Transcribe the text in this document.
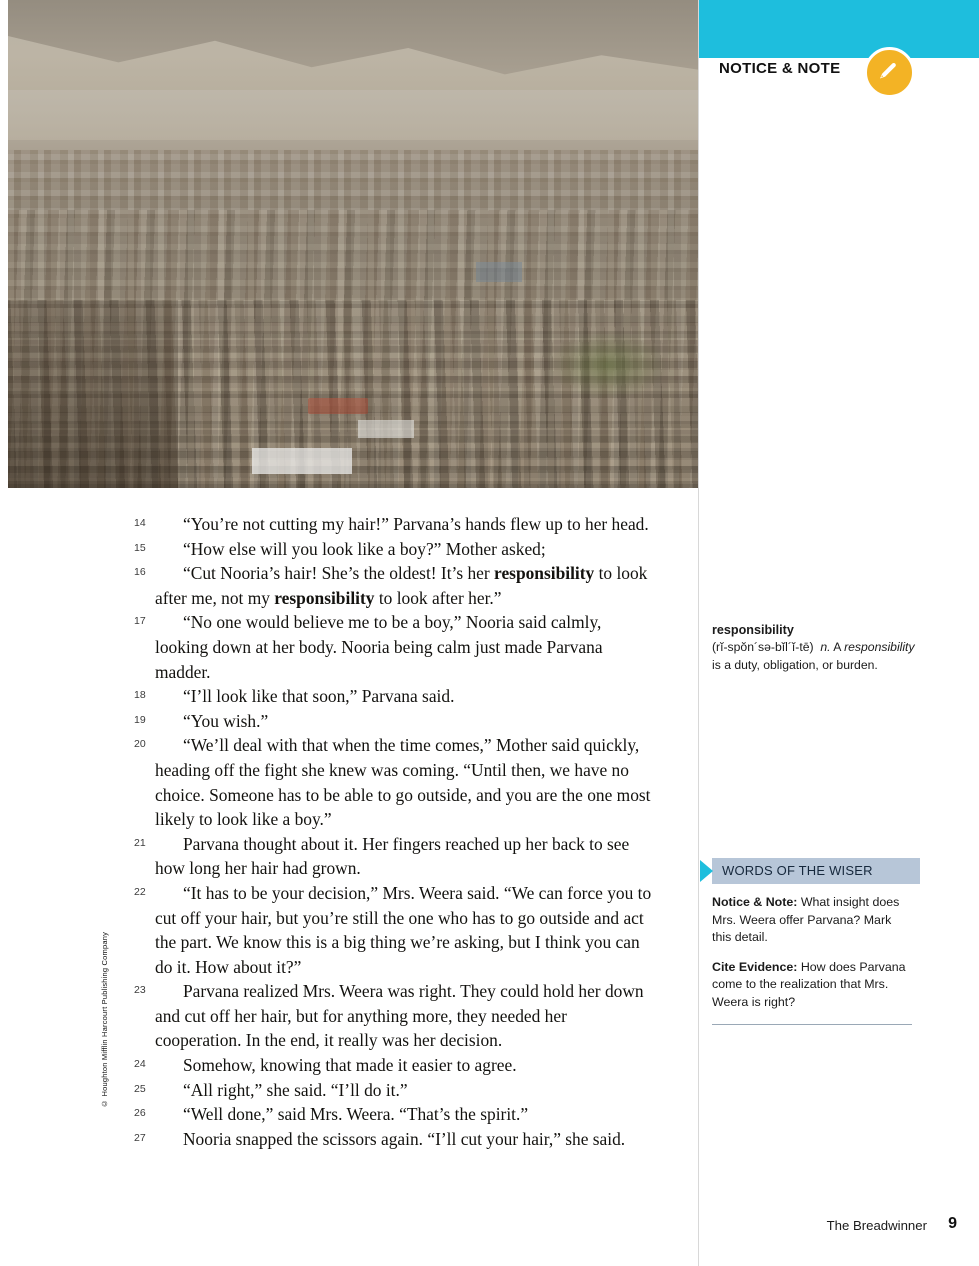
© Houghton Mifflin Harcourt Publishing Company
14	“You’re not cutting my hair!” Parvana’s hands flew up to her head.
15	“How else will you look like a boy?” Mother asked;
16	“Cut Nooria’s hair! She’s the oldest! It’s her responsibility to look after me, not my responsibility to look after her.”
17	“No one would believe me to be a boy,” Nooria said calmly, looking down at her body. Nooria being calm just made Parvana madder.
18	“I’ll look like that soon,” Parvana said.
19	“You wish.”
20	“We’ll deal with that when the time comes,” Mother said quickly, heading off the fight she knew was coming. “Until then, we have no choice. Someone has to be able to go outside, and you are the one most likely to look like a boy.”
21	Parvana thought about it. Her fingers reached up her back to see how long her hair had grown.
22	“It has to be your decision,” Mrs. Weera said. “We can force you to cut off your hair, but you’re still the one who has to go outside and act the part. We know this is a big thing we’re asking, but I think you can do it. How about it?”
23	Parvana realized Mrs. Weera was right. They could hold her down and cut off her hair, but for anything more, they needed her cooperation. In the end, it really was her decision.
24	Somehow, knowing that made it easier to agree.
25	“All right,” she said. “I’ll do it.”
26	“Well done,” said Mrs. Weera. “That’s the spirit.”
27	Nooria snapped the scissors again. “I’ll cut your hair,” she said.
NOTICE & NOTE
responsibility
(rĭ-spŏn´sə-bĭl´ĭ-tē)  n. A responsibility is a duty, obligation, or burden.
WORDS OF THE WISER

Notice & Note: What insight does Mrs. Weera offer Parvana? Mark this detail.

Cite Evidence: How does Parvana come to the realization that Mrs. Weera is right?

The Breadwinner 9
